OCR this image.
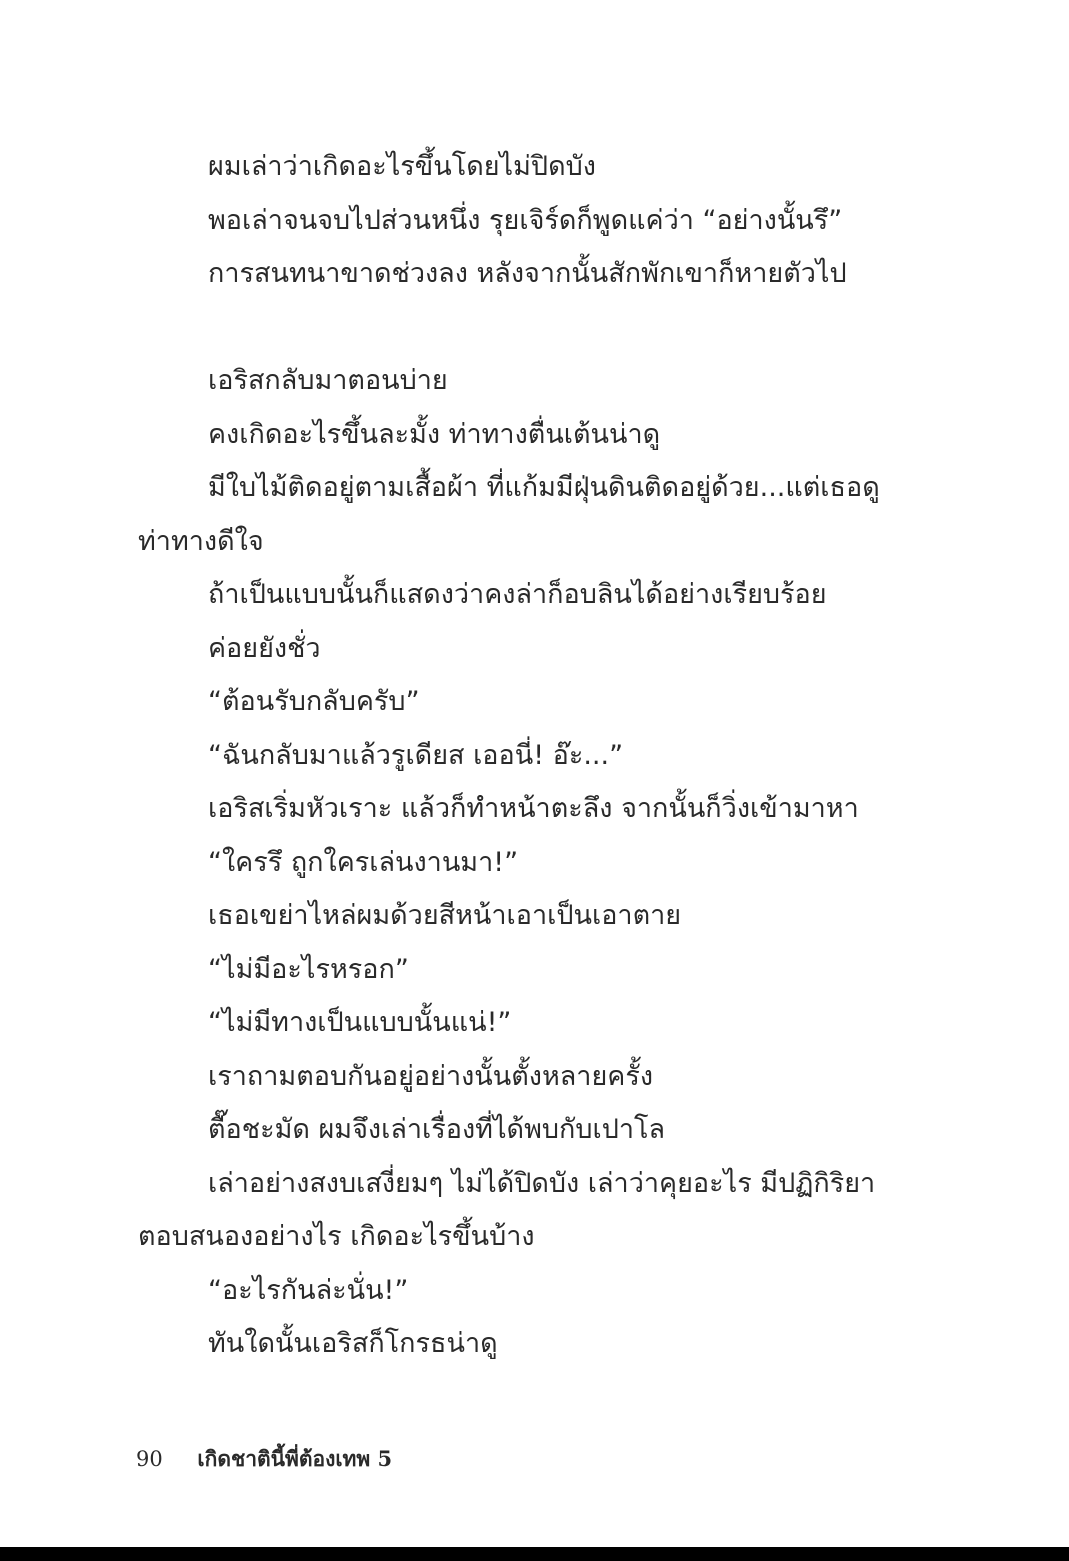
ผมเล่าว่าเกิดอะไรขึ้นโดยไม่ปิดบัง
พอเล่าจนจบไปส่วนหนึ่ง รุยเจิร์ดก็พูดแค่ว่า “อย่างนั้นรึ”
การสนทนาขาดช่วงลง หลังจากนั้นสักพักเขาก็หายตัวไป
เอริสกลับมาตอนบ่าย
คงเกิดอะไรขึ้นละมั้ง ท่าทางตื่นเต้นน่าดู
มีใบไม้ติดอยู่ตามเสื้อผ้า ที่แก้มมีฝุ่นดินติดอยู่ด้วย...แต่เธอดู
ท่าทางดีใจ
ถ้าเป็นแบบนั้นก็แสดงว่าคงล่าก็อบลินได้อย่างเรียบร้อย
ค่อยยังชั่ว
“ต้อนรับกลับครับ”
“ฉันกลับมาแล้วรูเดียส เออนี่! อ๊ะ...”
เอริสเริ่มหัวเราะ แล้วก็ทำหน้าตะลึง จากนั้นก็วิ่งเข้ามาหา
“ใครรึ ถูกใครเล่นงานมา!”
เธอเขย่าไหล่ผมด้วยสีหน้าเอาเป็นเอาตาย
“ไม่มีอะไรหรอก”
“ไม่มีทางเป็นแบบนั้นแน่!”
เราถามตอบกันอยู่อย่างนั้นตั้งหลายครั้ง
ตื๊อชะมัด ผมจึงเล่าเรื่องที่ได้พบกับเปาโล
เล่าอย่างสงบเสงี่ยมๆ ไม่ได้ปิดบัง เล่าว่าคุยอะไร มีปฏิกิริยา
ตอบสนองอย่างไร เกิดอะไรขึ้นบ้าง
“อะไรกันล่ะนั่น!”
ทันใดนั้นเอริสก็โกรธน่าดู
90 เกิดชาตินี้พี่ต้องเทพ 5
